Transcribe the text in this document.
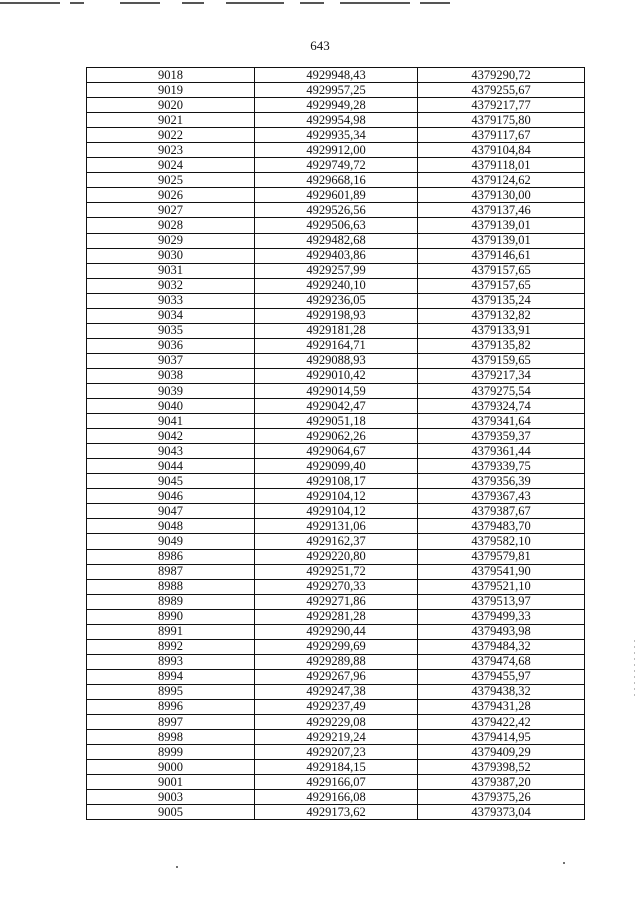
643
9018	4929948,43	4379290,72
9019	4929957,25	4379255,67
9020	4929949,28	4379217,77
9021	4929954,98	4379175,80
9022	4929935,34	4379117,67
9023	4929912,00	4379104,84
9024	4929749,72	4379118,01
9025	4929668,16	4379124,62
9026	4929601,89	4379130,00
9027	4929526,56	4379137,46
9028	4929506,63	4379139,01
9029	4929482,68	4379139,01
9030	4929403,86	4379146,61
9031	4929257,99	4379157,65
9032	4929240,10	4379157,65
9033	4929236,05	4379135,24
9034	4929198,93	4379132,82
9035	4929181,28	4379133,91
9036	4929164,71	4379135,82
9037	4929088,93	4379159,65
9038	4929010,42	4379217,34
9039	4929014,59	4379275,54
9040	4929042,47	4379324,74
9041	4929051,18	4379341,64
9042	4929062,26	4379359,37
9043	4929064,67	4379361,44
9044	4929099,40	4379339,75
9045	4929108,17	4379356,39
9046	4929104,12	4379367,43
9047	4929104,12	4379387,67
9048	4929131,06	4379483,70
9049	4929162,37	4379582,10
8986	4929220,80	4379579,81
8987	4929251,72	4379541,90
8988	4929270,33	4379521,10
8989	4929271,86	4379513,97
8990	4929281,28	4379499,33
8991	4929290,44	4379493,98
8992	4929299,69	4379484,32
8993	4929289,88	4379474,68
8994	4929267,96	4379455,97
8995	4929247,38	4379438,32
8996	4929237,49	4379431,28
8997	4929229,08	4379422,42
8998	4929219,24	4379414,95
8999	4929207,23	4379409,29
9000	4929184,15	4379398,52
9001	4929166,07	4379387,20
9003	4929166,08	4379375,26
9005	4929173,62	4379373,04
